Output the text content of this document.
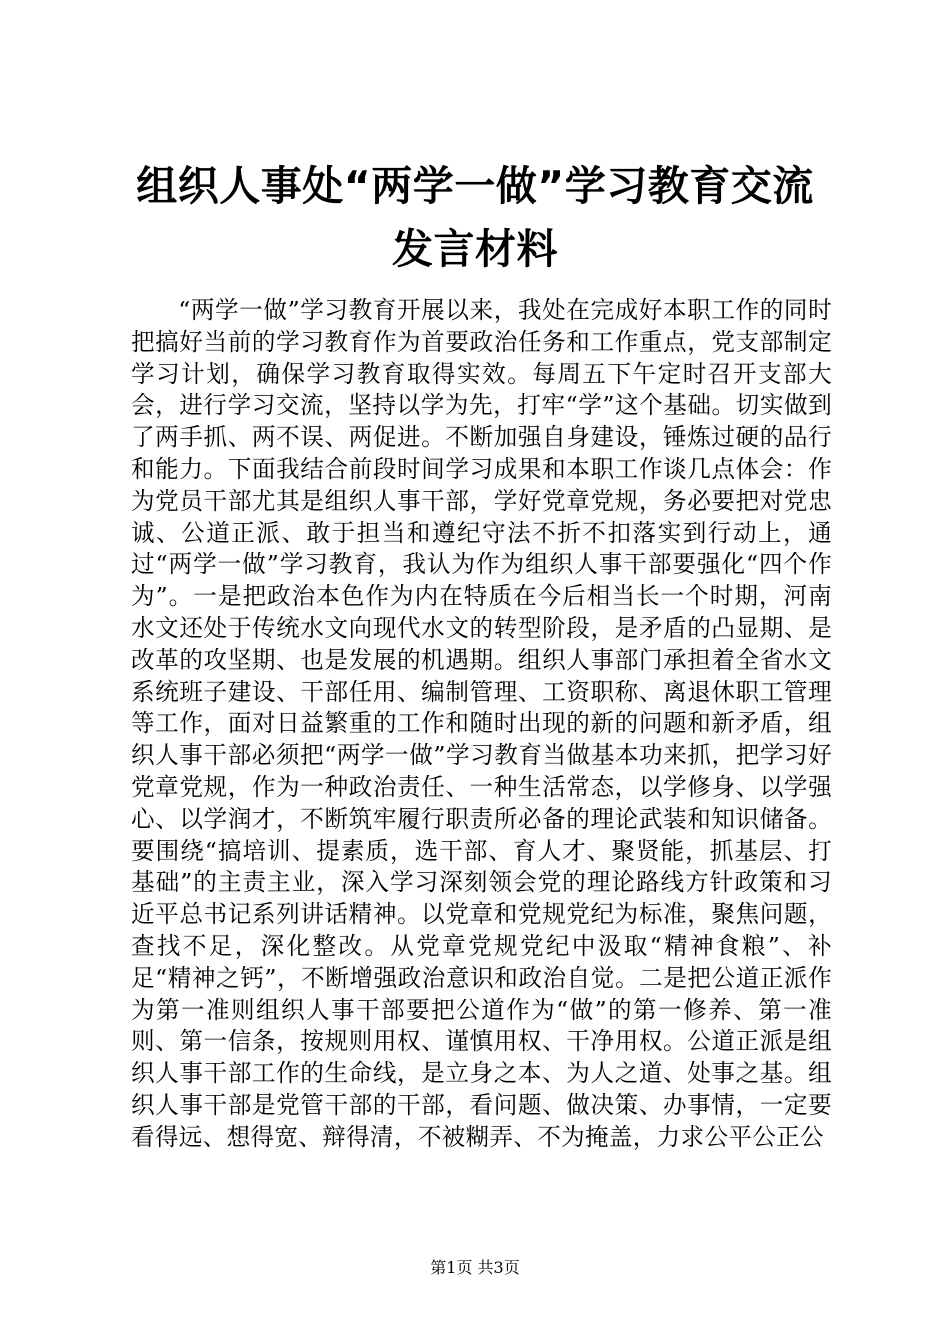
组织人事处“两学一做”学习教育交流发言材料

“两学一做”学习教育开展以来，我处在完成好本职工作的同时把搞好当前的学习教育作为首要政治任务和工作重点，党支部制定学习计划，确保学习教育取得实效。每周五下午定时召开支部大会，进行学习交流，坚持以学为先，打牢“学”这个基础。切实做到了两手抓、两不误、两促进。不断加强自身建设，锤炼过硬的品行和能力。下面我结合前段时间学习成果和本职工作谈几点体会：作为党员干部尤其是组织人事干部，学好党章党规，务必要把对党忠诚、公道正派、敢于担当和遵纪守法不折不扣落实到行动上，通过“两学一做”学习教育，我认为作为组织人事干部要强化“四个作为”。一是把政治本色作为内在特质在今后相当长一个时期，河南水文还处于传统水文向现代水文的转型阶段，是矛盾的凸显期、是改革的攻坚期、也是发展的机遇期。组织人事部门承担着全省水文系统班子建设、干部任用、编制管理、工资职称、离退休职工管理等工作，面对日益繁重的工作和随时出现的新的问题和新矛盾，组织人事干部必须把“两学一做”学习教育当做基本功来抓，把学习好党章党规，作为一种政治责任、一种生活常态，以学修身、以学强心、以学润才，不断筑牢履行职责所必备的理论武装和知识储备。要围绕“搞培训、提素质，选干部、育人才、聚贤能，抓基层、打基础”的主责主业，深入学习深刻领会党的理论路线方针政策和习近平总书记系列讲话精神。以党章和党规党纪为标准，聚焦问题，查找不足，深化整改。从党章党规党纪中汲取“精神食粮”、补足“精神之钙”，不断增强政治意识和政治自觉。二是把公道正派作为第一准则组织人事干部要把公道作为“做”的第一修养、第一准则、第一信条，按规则用权、谨慎用权、干净用权。公道正派是组织人事干部工作的生命线，是立身之本、为人之道、处事之基。组织人事干部是党管干部的干部，看问题、做决策、办事情，一定要看得远、想得宽、辩得清，不被糊弄、不为掩盖，力求公平公正公

第1页 共3页
